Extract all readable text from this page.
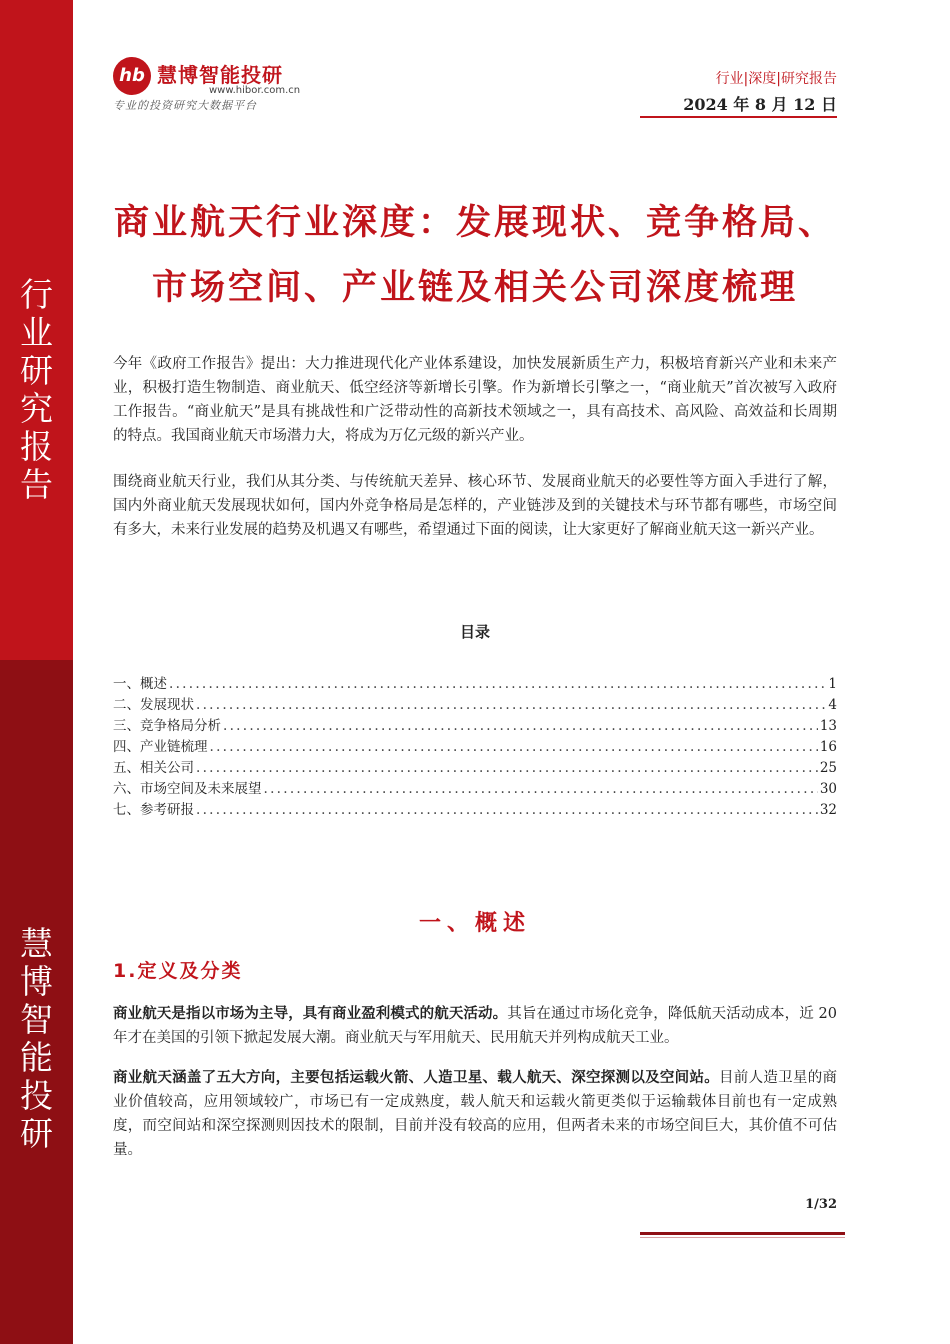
行
业
研
究
报
告
慧
博
智
能
投
研
hb 慧博智能投研
www.hibor.com.cn
专业的投资研究大数据平台
行业|深度|研究报告
2024 年 8 月 12 日
商业航天行业深度：发展现状、竞争格局、
市场空间、产业链及相关公司深度梳理
今年《政府工作报告》提出：大力推进现代化产业体系建设，加快发展新质生产力，积极培育新兴产业和未来产业，积极打造生物制造、商业航天、低空经济等新增长引擎。作为新增长引擎之一，“商业航天”首次被写入政府工作报告。“商业航天”是具有挑战性和广泛带动性的高新技术领域之一，具有高技术、高风险、高效益和长周期的特点。我国商业航天市场潜力大，将成为万亿元级的新兴产业。
围绕商业航天行业，我们从其分类、与传统航天差异、核心环节、发展商业航天的必要性等方面入手进行了解，国内外商业航天发展现状如何，国内外竞争格局是怎样的，产业链涉及到的关键技术与环节都有哪些，市场空间有多大，未来行业发展的趋势及机遇又有哪些，希望通过下面的阅读，让大家更好了解商业航天这一新兴产业。
目录
一、概述 . . .	1
二、发展现状 . . .	4
三、竞争格局分析 . . .	13
四、产业链梳理 . . .	16
五、相关公司 . . .	25
六、市场空间及未来展望 . . .	30
七、参考研报 . . .	32
一、概述
1.定义及分类
商业航天是指以市场为主导，具有商业盈利模式的航天活动。其旨在通过市场化竞争，降低航天活动成本，近 20 年才在美国的引领下掀起发展大潮。商业航天与军用航天、民用航天并列构成航天工业。
商业航天涵盖了五大方向，主要包括运载火箭、人造卫星、载人航天、深空探测以及空间站。目前人造卫星的商业价值较高，应用领域较广，市场已有一定成熟度，载人航天和运载火箭更类似于运输载体目前也有一定成熟度，而空间站和深空探测则因技术的限制，目前并没有较高的应用，但两者未来的市场空间巨大，其价值不可估量。
1/32
